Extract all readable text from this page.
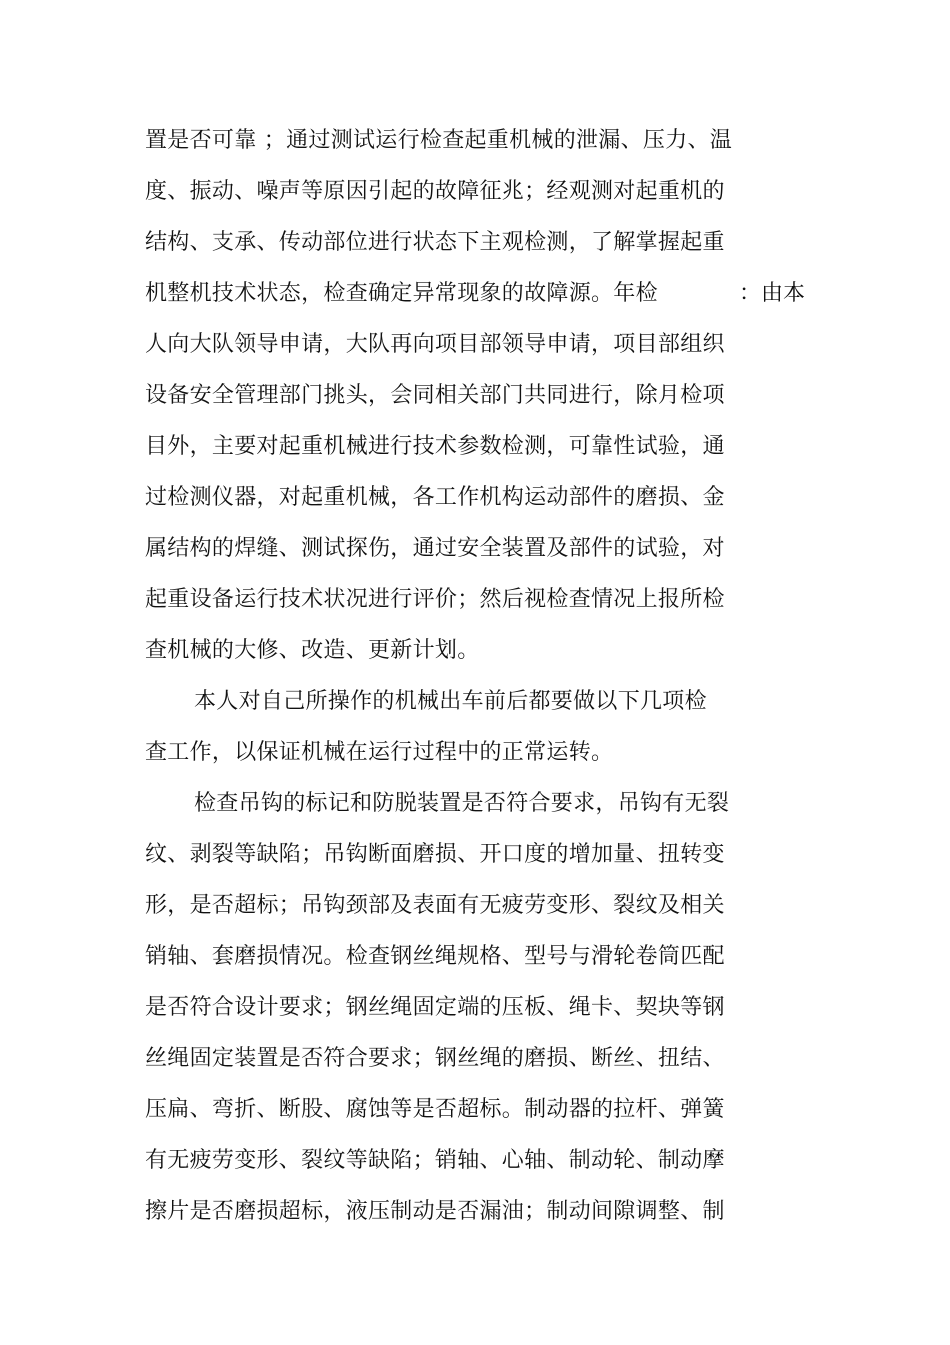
置是否可靠 ；通过测试运行检查起重机械的泄漏、压力、温
度、振动、噪声等原因引起的故障征兆；经观测对起重机的
结构、支承、传动部位进行状态下主观检测，了解掌握起重
机整机技术状态，检查确定异常现象的故障源。年检	：由本
人向大队领导申请，大队再向项目部领导申请，项目部组织
设备安全管理部门挑头，会同相关部门共同进行，除月检项
目外，主要对起重机械进行技术参数检测，可靠性试验，通
过检测仪器，对起重机械，各工作机构运动部件的磨损、金
属结构的焊缝、测试探伤，通过安全装置及部件的试验，对
起重设备运行技术状况进行评价；然后视检查情况上报所检
查机械的大修、改造、更新计划。
本人对自己所操作的机械出车前后都要做以下几项检
查工作，以保证机械在运行过程中的正常运转。
检查吊钩的标记和防脱装置是否符合要求，吊钩有无裂
纹、剥裂等缺陷；吊钩断面磨损、开口度的增加量、扭转变
形，是否超标；吊钩颈部及表面有无疲劳变形、裂纹及相关
销轴、套磨损情况。检查钢丝绳规格、型号与滑轮卷筒匹配
是否符合设计要求；钢丝绳固定端的压板、绳卡、契块等钢
丝绳固定装置是否符合要求；钢丝绳的磨损、断丝、扭结、
压扁、弯折、断股、腐蚀等是否超标。制动器的拉杆、弹簧
有无疲劳变形、裂纹等缺陷；销轴、心轴、制动轮、制动摩
擦片是否磨损超标，液压制动是否漏油；制动间隙调整、制
